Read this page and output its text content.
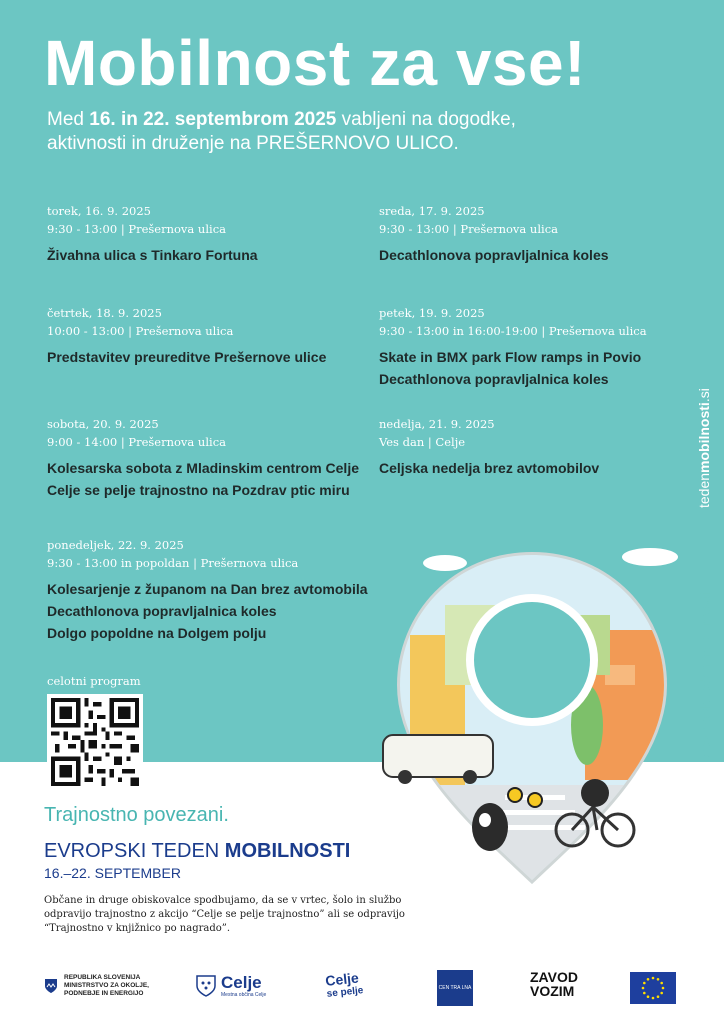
Mobilnost za vse!
Med 16. in 22. septembrom 2025 vabljeni na dogodke,
aktivnosti in druženje na PREŠERNOVO ULICO.
torek, 16. 9. 2025
9:30 - 13:00 | Prešernova ulica
Živahna ulica s Tinkaro Fortuna
sreda, 17. 9. 2025
9:30 - 13:00 | Prešernova ulica
Decathlonova popravljalnica koles
četrtek, 18. 9. 2025
10:00 - 13:00 | Prešernova ulica
Predstavitev preureditve Prešernove ulice
petek, 19. 9. 2025
9:30 - 13:00 in 16:00-19:00 | Prešernova ulica
Skate in BMX park Flow ramps in Povio
Decathlonova popravljalnica koles
sobota, 20. 9. 2025
9:00 - 14:00 | Prešernova ulica
Kolesarska sobota z Mladinskim centrom Celje
Celje se pelje trajnostno na Pozdrav ptic miru
nedelja, 21. 9. 2025
Ves dan | Celje
Celjska nedelja brez avtomobilov
ponedeljek, 22. 9. 2025
9:30 - 13:00 in popoldan | Prešernova ulica
Kolesarjenje z županom na Dan brez avtomobila
Decathlonova popravljalnica koles
Dolgo popoldne na Dolgem polju
celotni program
tedenmobilnosti.si
#evropskitedenmobilnosti
Trajnostno povezani.
EVROPSKI TEDEN MOBILNOSTI
16.–22. SEPTEMBER
Občane in druge obiskovalce spodbujamo, da se v vrtec, šolo in službo odpravijo trajnostno z akcijo “Celje se pelje trajnostno” ali se odpravijo “Trajnostno v knjižnico po nagrado”.
REPUBLIKA SLOVENIJA
MINISTRSTVO ZA OKOLJE,
PODNEBJE IN ENERGIJO
Celje
Mestna občina Celje
Celje
se pelje	CEN TRA LNA
ZAVOD
VOZIM
